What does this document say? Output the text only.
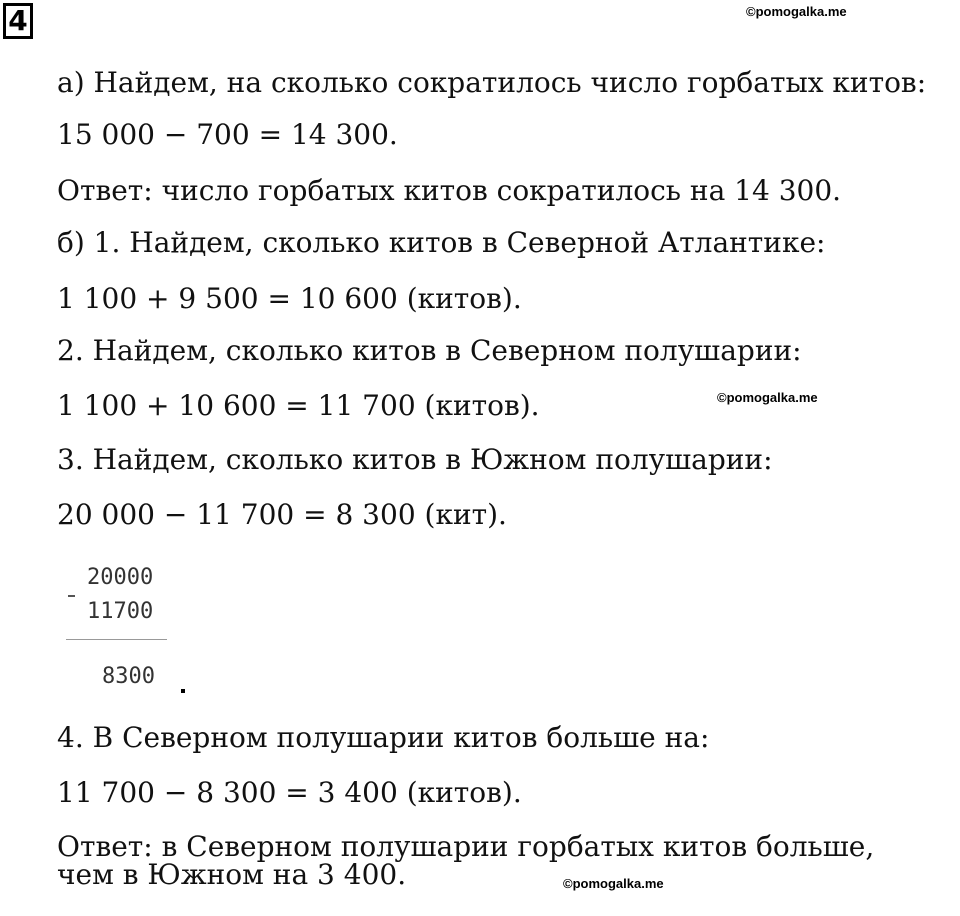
4	©pomogalka.me
©pomogalka.me
©pomogalka.me
а) Найдем, на сколько сократилось число горбатых китов:
15 000 − 700 = 14 300.
Ответ: число горбатых китов сократилось на 14 300.
б) 1. Найдем, сколько китов в Северной Атлантике:
1 100 + 9 500 = 10 600 (китов).
2. Найдем, сколько китов в Северном полушарии:
1 100 + 10 600 = 11 700 (китов).
3. Найдем, сколько китов в Южном полушарии:
20 000 − 11 700 = 8 300 (кит).
20000
11700
8300
4. В Северном полушарии китов больше на:
11 700 − 8 300 = 3 400 (китов).
Ответ: в Северном полушарии горбатых китов больше,
чем в Южном на 3 400.
